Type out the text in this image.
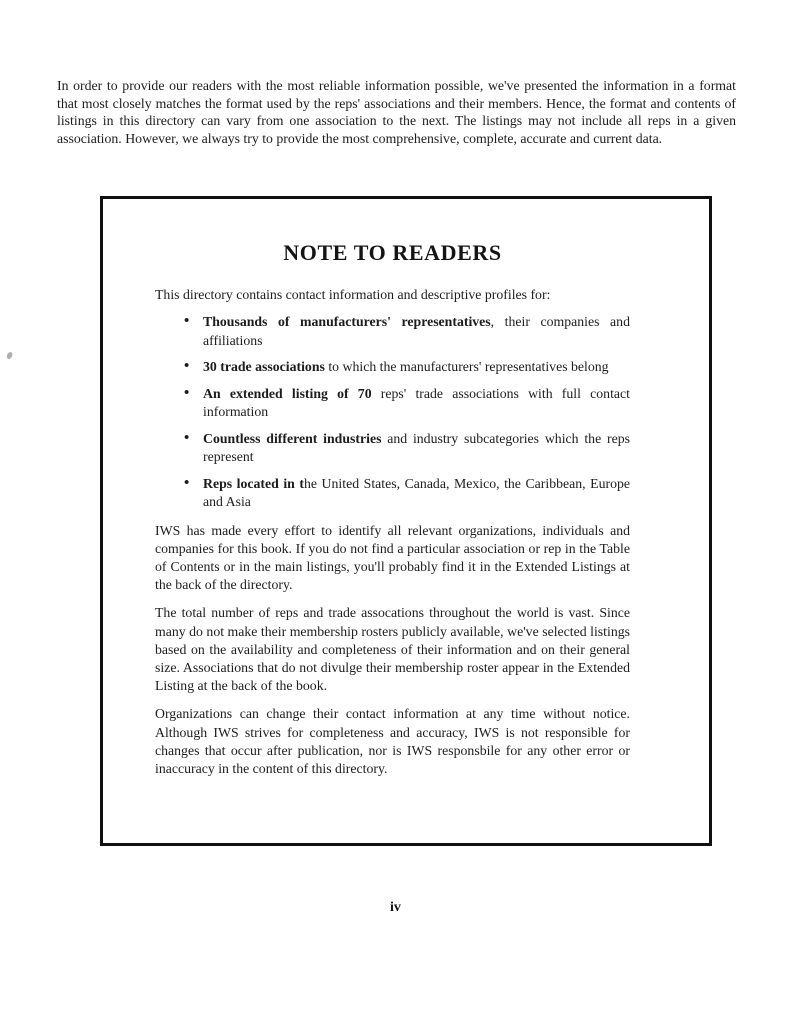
In order to provide our readers with the most reliable information possible, we've presented the information in a format that most closely matches the format used by the reps' associations and their members. Hence, the format and contents of listings in this directory can vary from one association to the next. The listings may not include all reps in a given association. However, we always try to provide the most comprehensive, complete, accurate and current data.

NOTE TO READERS

This directory contains contact information and descriptive profiles for:

• Thousands of manufacturers' representatives, their companies and affiliations
• 30 trade associations to which the manufacturers' representatives belong
• An extended listing of 70 reps' trade associations with full contact information
• Countless different industries and industry subcategories which the reps represent
• Reps located in the United States, Canada, Mexico, the Caribbean, Europe and Asia

IWS has made every effort to identify all relevant organizations, individuals and companies for this book. If you do not find a particular association or rep in the Table of Contents or in the main listings, you'll probably find it in the Extended Listings at the back of the directory.

The total number of reps and trade assocations throughout the world is vast. Since many do not make their membership rosters publicly available, we've selected listings based on the availability and completeness of their information and on their general size. Associations that do not divulge their membership roster appear in the Extended Listing at the back of the book.

Organizations can change their contact information at any time without notice. Although IWS strives for completeness and accuracy, IWS is not responsible for changes that occur after publication, nor is IWS responsbile for any other error or inaccuracy in the content of this directory.

iv
